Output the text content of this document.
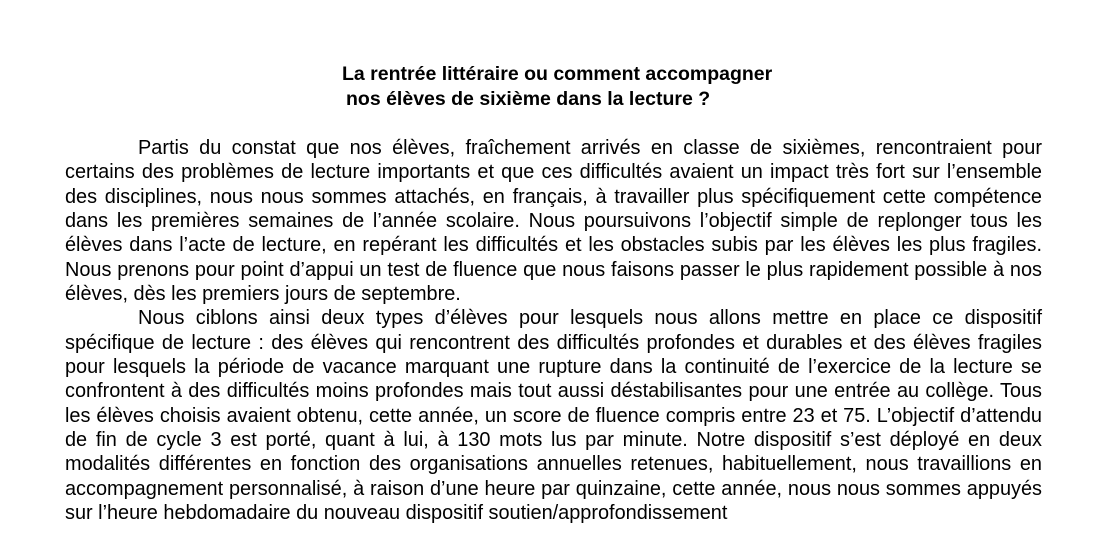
La rentrée littéraire ou comment accompagner
nos élèves de sixième dans la lecture ?

Partis du constat que nos élèves, fraîchement arrivés en classe de sixièmes, rencontraient pour certains des problèmes de lecture importants et que ces difficultés avaient un impact très fort sur l’ensemble des disciplines, nous nous sommes attachés, en français, à travailler plus spécifiquement cette compétence dans les premières semaines de l’année scolaire. Nous poursuivons l’objectif simple de replonger tous les élèves dans l’acte de lecture, en repérant les difficultés et les obstacles subis par les élèves les plus fragiles. Nous prenons pour point d’appui un test de fluence que nous faisons passer le plus rapidement possible à nos élèves, dès les premiers jours de septembre.

Nous ciblons ainsi deux types d’élèves pour lesquels nous allons mettre en place ce dispositif spécifique de lecture : des élèves qui rencontrent des difficultés profondes et durables et des élèves fragiles pour lesquels la période de vacance marquant une rupture dans la continuité de l’exercice de la lecture se confrontent à des difficultés moins profondes mais tout aussi déstabilisantes pour une entrée au collège. Tous les élèves choisis avaient obtenu, cette année, un score de fluence compris entre 23 et 75. L’objectif d’attendu de fin de cycle 3 est porté, quant à lui, à 130 mots lus par minute. Notre dispositif s’est déployé en deux modalités différentes en fonction des organisations annuelles retenues, habituellement, nous travaillions en accompagnement personnalisé, à raison d’une heure par quinzaine, cette année, nous nous sommes appuyés sur l’heure hebdomadaire du nouveau dispositif soutien/approfondissement
